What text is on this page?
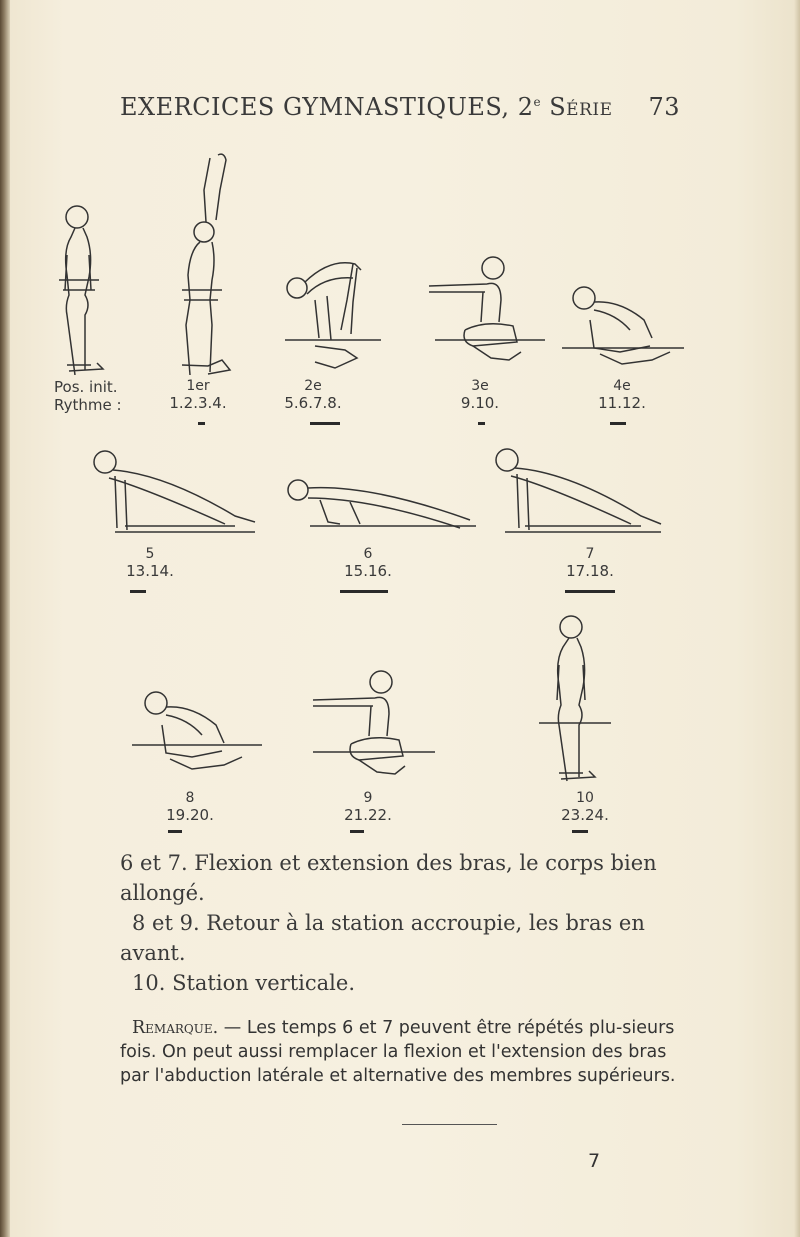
EXERCICES GYMNASTIQUES, 2e Série 73
Pos. init.
Rythme :
1er
1.2.3.4.
2e
5.6.7.8.
3e
9.10.
4e
11.12.
5
13.14.
6
15.16.
7
17.18.
8
19.20.
9
21.22.
10
23.24.
6 et 7. Flexion et extension des bras, le corps bien
allongé.
8 et 9. Retour à la station accroupie, les bras en
avant.
10. Station verticale.
Remarque. — Les temps 6 et 7 peuvent être répétés plu-sieurs fois. On peut aussi remplacer la flexion et l'extension des bras par l'abduction latérale et alternative des membres supérieurs.
7
